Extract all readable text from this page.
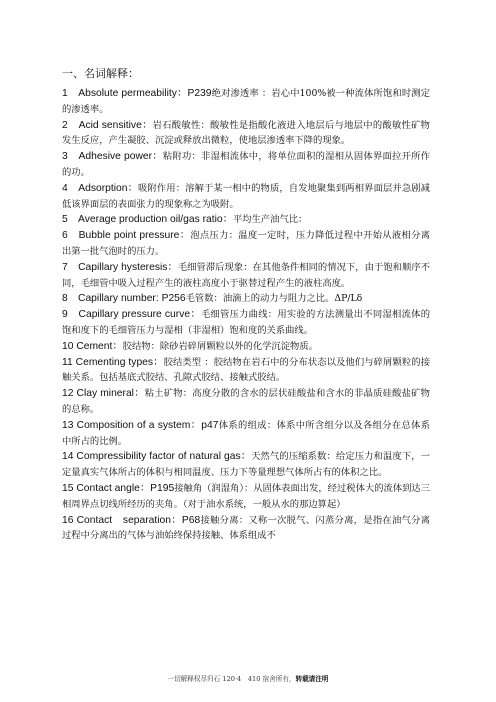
一、名词解释：

1　Absolute permeability：P239绝对渗透率 ：岩心中100%被一种流体所饱和时测定的渗透率。

2　Acid sensitive：岩石酸敏性：酸敏性是指酸化液进入地层后与地层中的酸敏性矿物发生反应，产生凝胶、沉淀或释放出微粒，使地层渗透率下降的现象。

3　Adhesive power：粘附功：非湿相流体中，将单位面积的湿相从固体界面拉开所作的功。

4　Adsorption：吸附作用：溶解于某一相中的物质，自发地聚集到两相界面层并急剧减低该界面层的表面张力的现象称之为吸附。

5　Average production oil/gas ratio：平均生产油气比：

6　Bubble point pressure：泡点压力：温度一定时，压力降低过程中开始从液相分离出第一批气泡时的压力。

7　Capillary hysteresis：毛细管滞后现象：在其他条件相同的情况下，由于饱和顺序不同，毛细管中吸入过程产生的液柱高度小于驱替过程产生的液柱高度。

8　Capillary number: P256毛管数：油滴上的动力与阻力之比。ΔP/Lδ

9　Capillary pressure curve：毛细管压力曲线：用实验的方法测量出不同湿相流体的饱和度下的毛细管压力与湿相（非湿相）饱和度的关系曲线。

10 Cement：胶结物：除砂岩碎屑颗粒以外的化学沉淀物质。

11 Cementing types：胶结类型 ：胶结物在岩石中的分布状态以及他们与碎屑颗粒的接触关系。包括基底式胶结、孔隙式胶结、接触式胶结。

12 Clay mineral：粘土矿物：高度分散的含水的层状硅酸盐和含水的非晶质硅酸盐矿物的总称。

13 Composition of a system：p47体系的组成：体系中所含组分以及各组分在总体系中所占的比例。

14 Compressibility factor of natural gas：天然气的压缩系数：给定压力和温度下，一定量真实气体所占的体积与相同温度、压力下等量理想气体所占有的体积之比。

15 Contact angle：P195接触角（润湿角）：从固体表面出发，经过税体大的流体到达三相周界点切线所经历的夹角。（对于油水系统，一般从水的那边算起）

16 Contact　separation：P68接触分离：又称一次脱气、闪蒸分离，是指在油气分离过程中分离出的气体与油始终保持接触、体系组成不

一切解释权尽归石 120·4　410 宿舍所有，转载请注明
